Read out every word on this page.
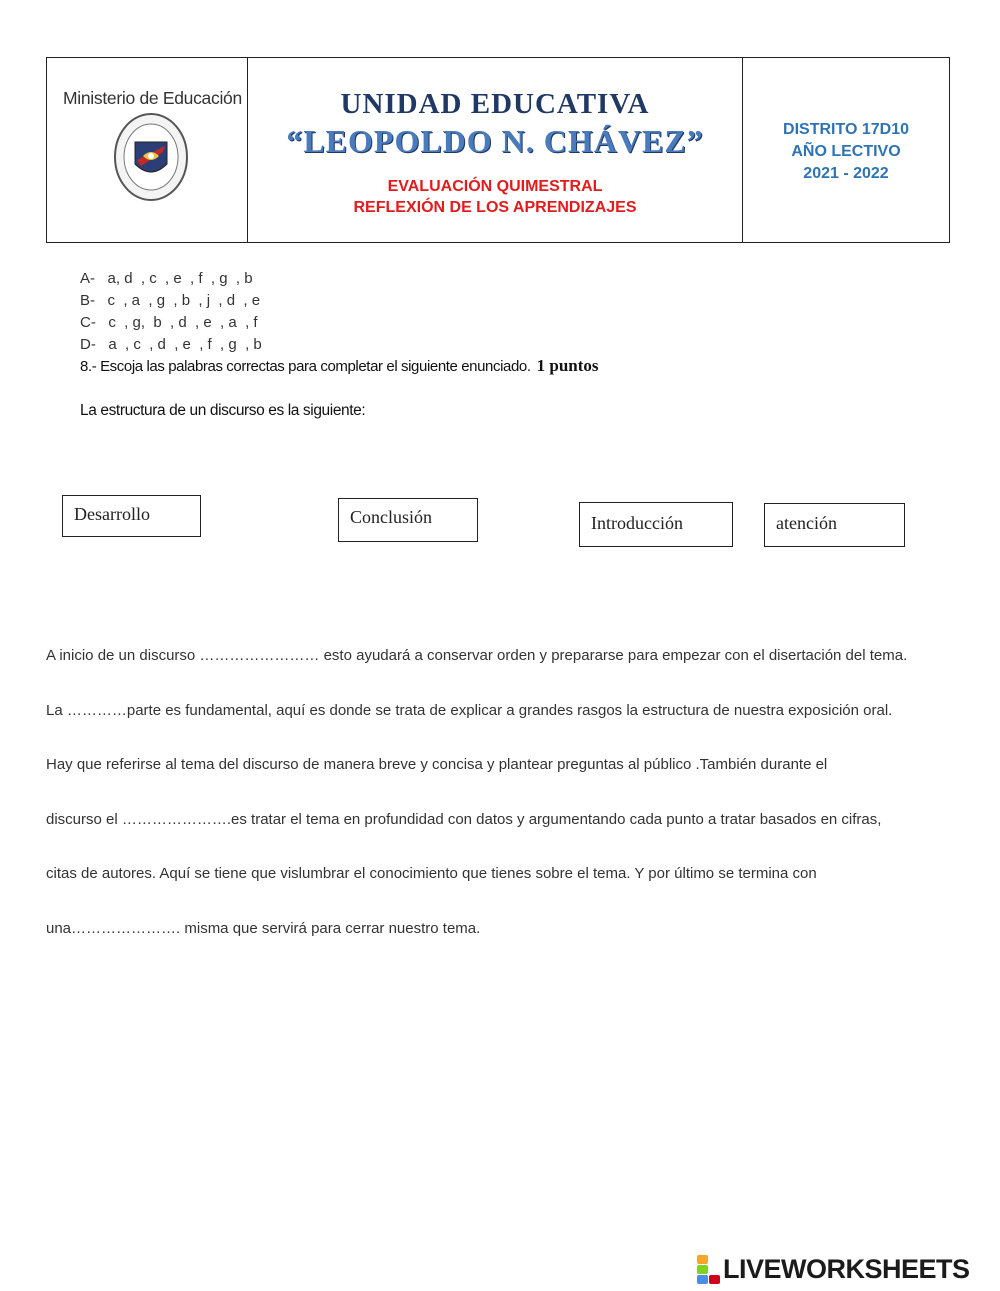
Ministerio de Educación	UNIDAD EDUCATIVA
“LEOPOLDO N. CHÁVEZ”
EVALUACIÓN QUIMESTRAL
REFLEXIÓN DE LOS APRENDIZAJES
DISTRITO 17D10
AÑO LECTIVO
2021 - 2022
A- a, d  , c  , e  , f  , g  , b
B- c  , a  , g  , b  , j  , d  , e
C- c  , g,  b  , d  , e  , a  , f
D- a  , c  , d  , e  , f  , g  , b
8.- Escoja las palabras correctas para completar el siguiente enunciado. 1 puntos
La estructura de un discurso es la siguiente:
Desarrollo	Conclusión	Introducción	atención

A inicio de un discurso …………………… esto ayudará a conservar orden y prepararse para empezar con el disertación del tema.

La …………parte es fundamental, aquí es donde se trata de explicar a grandes rasgos la estructura de nuestra exposición oral.

Hay que referirse al tema del discurso de manera breve y concisa y plantear preguntas al público .También durante el

discurso el ………………….es tratar el tema en profundidad con datos y argumentando cada punto a tratar basados en cifras,

citas de autores. Aquí se tiene que vislumbrar el conocimiento que tienes sobre el tema. Y por último se termina con

una…………………. misma que servirá para cerrar nuestro tema.

LIVEWORKSHEETS
